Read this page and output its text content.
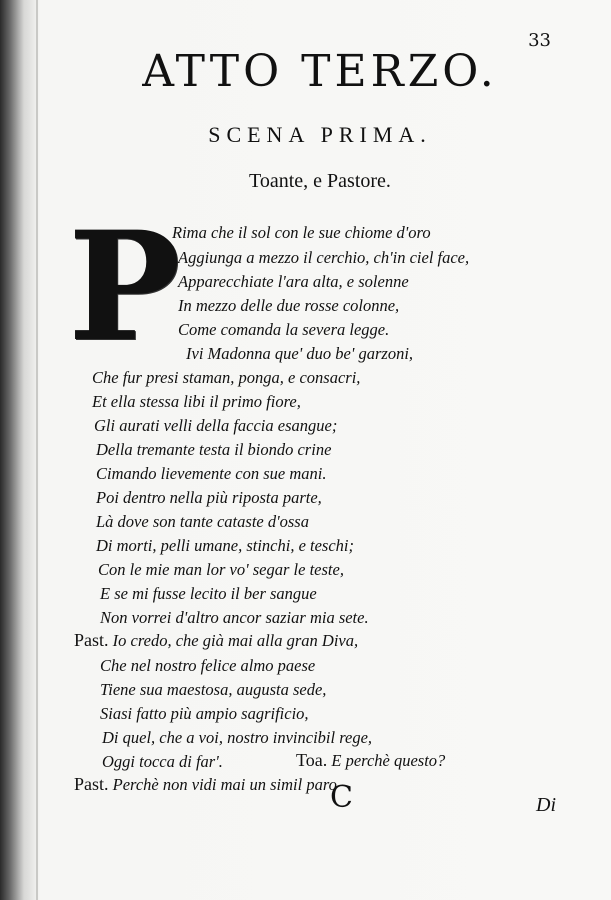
33
ATTO TERZO.
SCENA PRIMA.
Toante, e Pastore.
P
Rima che il sol con le sue chiome d'oro
Aggiunga a mezzo il cerchio, ch'in ciel face,
Apparecchiate l'ara alta, e solenne
In mezzo delle due rosse colonne,
Come comanda la severa legge.
Ivi Madonna que' duo be' garzoni,
Che fur presi staman, ponga, e consacri,
Et ella stessa libi il primo fiore,
Gli aurati velli della faccia esangue;
Della tremante testa il biondo crine
Cimando lievemente con sue mani.
Poi dentro nella più riposta parte,
Là dove son tante cataste d'ossa
Di morti, pelli umane, stinchi, e teschi;
Con le mie man lor vo' segar le teste,
E se mi fusse lecito il ber sangue
Non vorrei d'altro ancor saziar mia sete.
Past. Io credo, che già mai alla gran Diva,
Che nel nostro felice almo paese
Tiene sua maestosa, augusta sede,
Siasi fatto più ampio sagrificio,
Di quel, che a voi, nostro invincibil rege,
Oggi tocca di far'.	Toa. E perchè questo?
Past. Perchè non vidi mai un simil paro
C	Di
